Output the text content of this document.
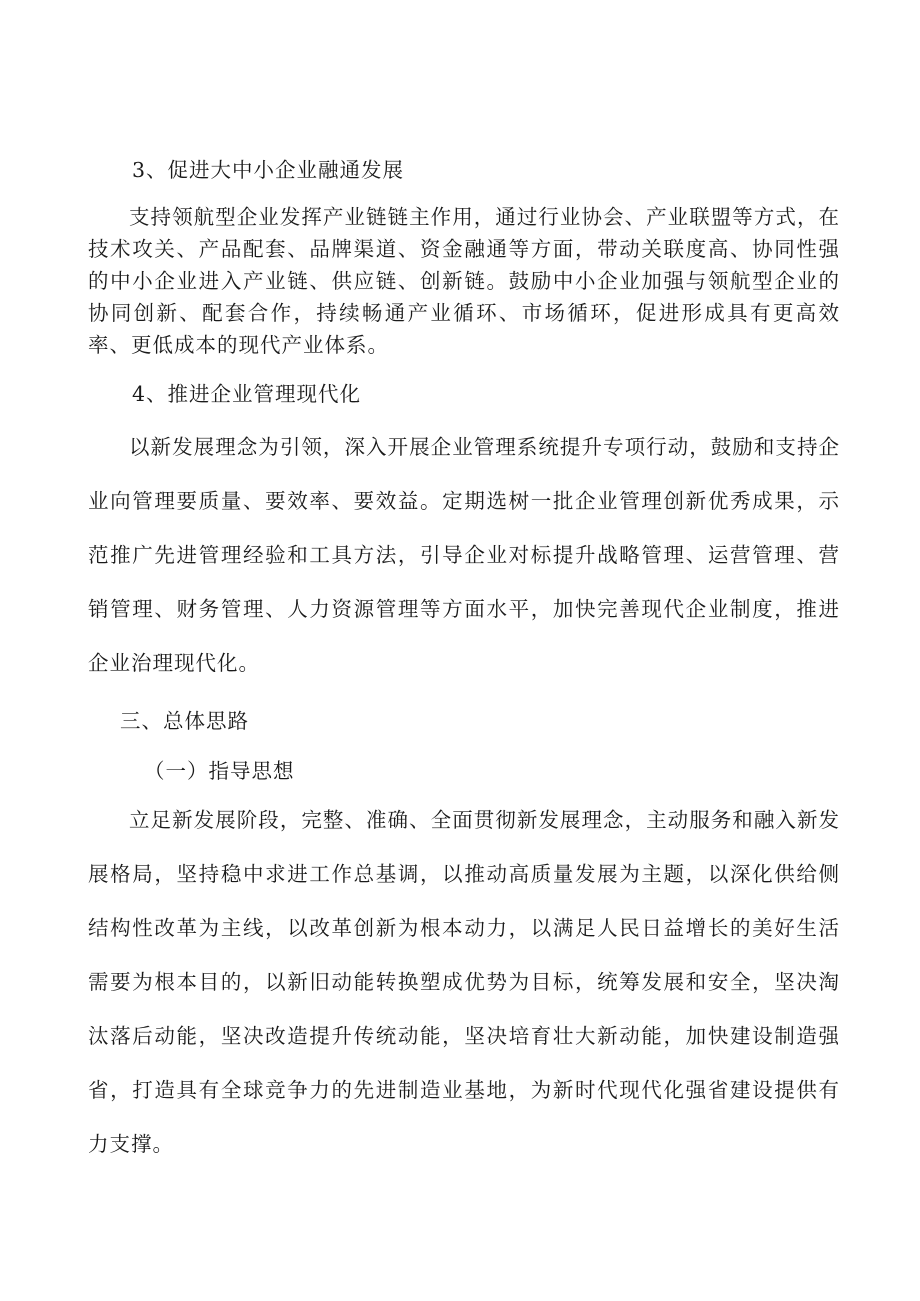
3、促进大中小企业融通发展

支持领航型企业发挥产业链链主作用，通过行业协会、产业联盟等方式，在技术攻关、产品配套、品牌渠道、资金融通等方面，带动关联度高、协同性强的中小企业进入产业链、供应链、创新链。鼓励中小企业加强与领航型企业的协同创新、配套合作，持续畅通产业循环、市场循环，促进形成具有更高效率、更低成本的现代产业体系。

4、推进企业管理现代化

以新发展理念为引领，深入开展企业管理系统提升专项行动，鼓励和支持企业向管理要质量、要效率、要效益。定期选树一批企业管理创新优秀成果，示范推广先进管理经验和工具方法，引导企业对标提升战略管理、运营管理、营销管理、财务管理、人力资源管理等方面水平，加快完善现代企业制度，推进企业治理现代化。

三、总体思路

（一）指导思想

立足新发展阶段，完整、准确、全面贯彻新发展理念，主动服务和融入新发展格局，坚持稳中求进工作总基调，以推动高质量发展为主题，以深化供给侧结构性改革为主线，以改革创新为根本动力，以满足人民日益增长的美好生活需要为根本目的，以新旧动能转换塑成优势为目标，统筹发展和安全，坚决淘汰落后动能，坚决改造提升传统动能，坚决培育壮大新动能，加快建设制造强省，打造具有全球竞争力的先进制造业基地，为新时代现代化强省建设提供有力支撑。
